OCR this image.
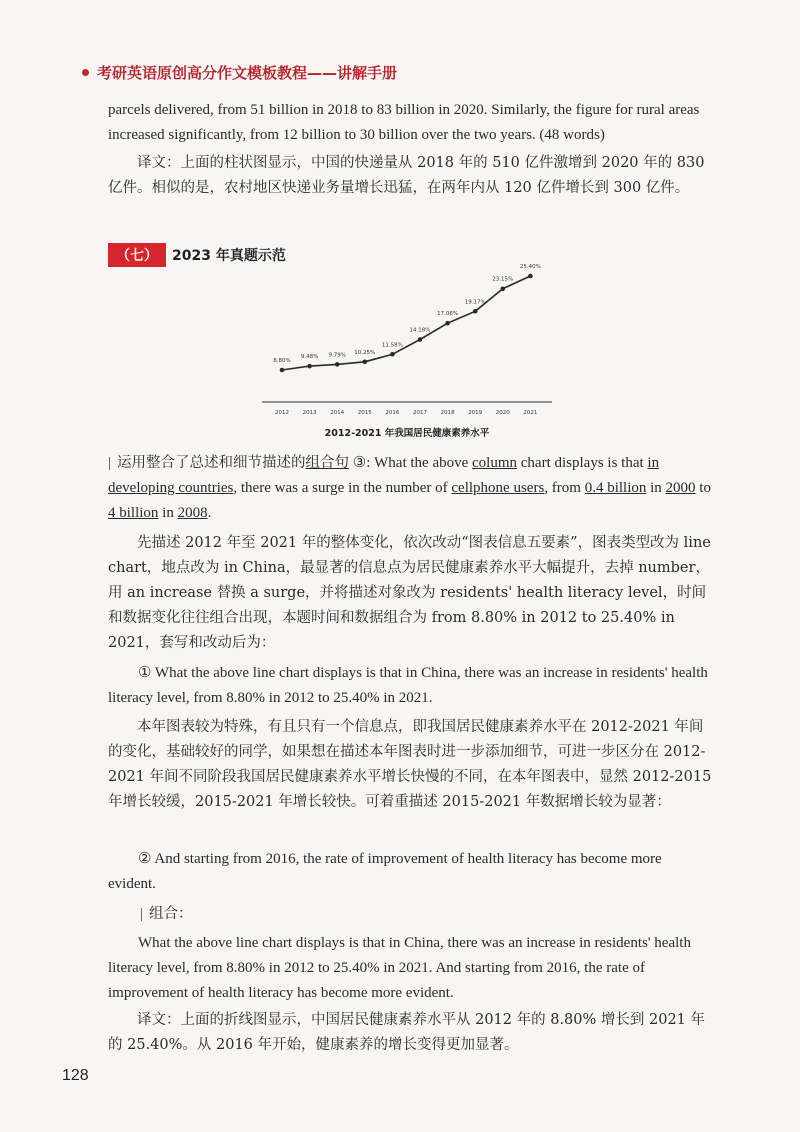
考研英语原创高分作文模板教程——讲解手册
parcels delivered, from 51 billion in 2018 to 83 billion in 2020. Similarly, the figure for rural areas increased significantly, from 12 billion to 30 billion over the two years. (48 words)
译文：上面的柱状图显示，中国的快递量从 2018 年的 510 亿件激增到 2020 年的 830 亿件。相似的是，农村地区快递业务量增长迅猛，在两年内从 120 亿件增长到 300 亿件。
（七）	2023 年真题示范
8.80%
9.48% 9.79% 10.25%
11.58%
14.18%
17.06%
19.17%
23.15%
25.40%
2012 2013 2014 2015 2016 2017 2018 2019 2020 2021
2012-2021 年我国居民健康素养水平
| 运用整合了总述和细节描述的组合句 ③: What the above column chart displays is that in developing countries, there was a surge in the number of cellphone users, from 0.4 billion in 2000 to 4 billion in 2008.
先描述 2012 年至 2021 年的整体变化，依次改动“图表信息五要素”，图表类型改为 line chart，地点改为 in China，最显著的信息点为居民健康素养水平大幅提升，去掉 number，用 an increase 替换 a surge，并将描述对象改为 residents' health literacy level，时间和数据变化往往组合出现，本题时间和数据组合为 from 8.80% in 2012 to 25.40% in 2021，套写和改动后为：
① What the above line chart displays is that in China, there was an increase in residents' health literacy level, from 8.80% in 2012 to 25.40% in 2021.
本年图表较为特殊，有且只有一个信息点，即我国居民健康素养水平在 2012-2021 年间的变化，基础较好的同学，如果想在描述本年图表时进一步添加细节，可进一步区分在 2012-2021 年间不同阶段我国居民健康素养水平增长快慢的不同，在本年图表中，显然 2012-2015 年增长较缓，2015-2021 年增长较快。可着重描述 2015-2021 年数据增长较为显著：
② And starting from 2016, the rate of improvement of health literacy has become more evident.
| 组合：
What the above line chart displays is that in China, there was an increase in residents' health literacy level, from 8.80% in 2012 to 25.40% in 2021. And starting from 2016, the rate of improvement of health literacy has become more evident.
译文：上面的折线图显示，中国居民健康素养水平从 2012 年的 8.80% 增长到 2021 年的 25.40%。从 2016 年开始，健康素养的增长变得更加显著。
128
